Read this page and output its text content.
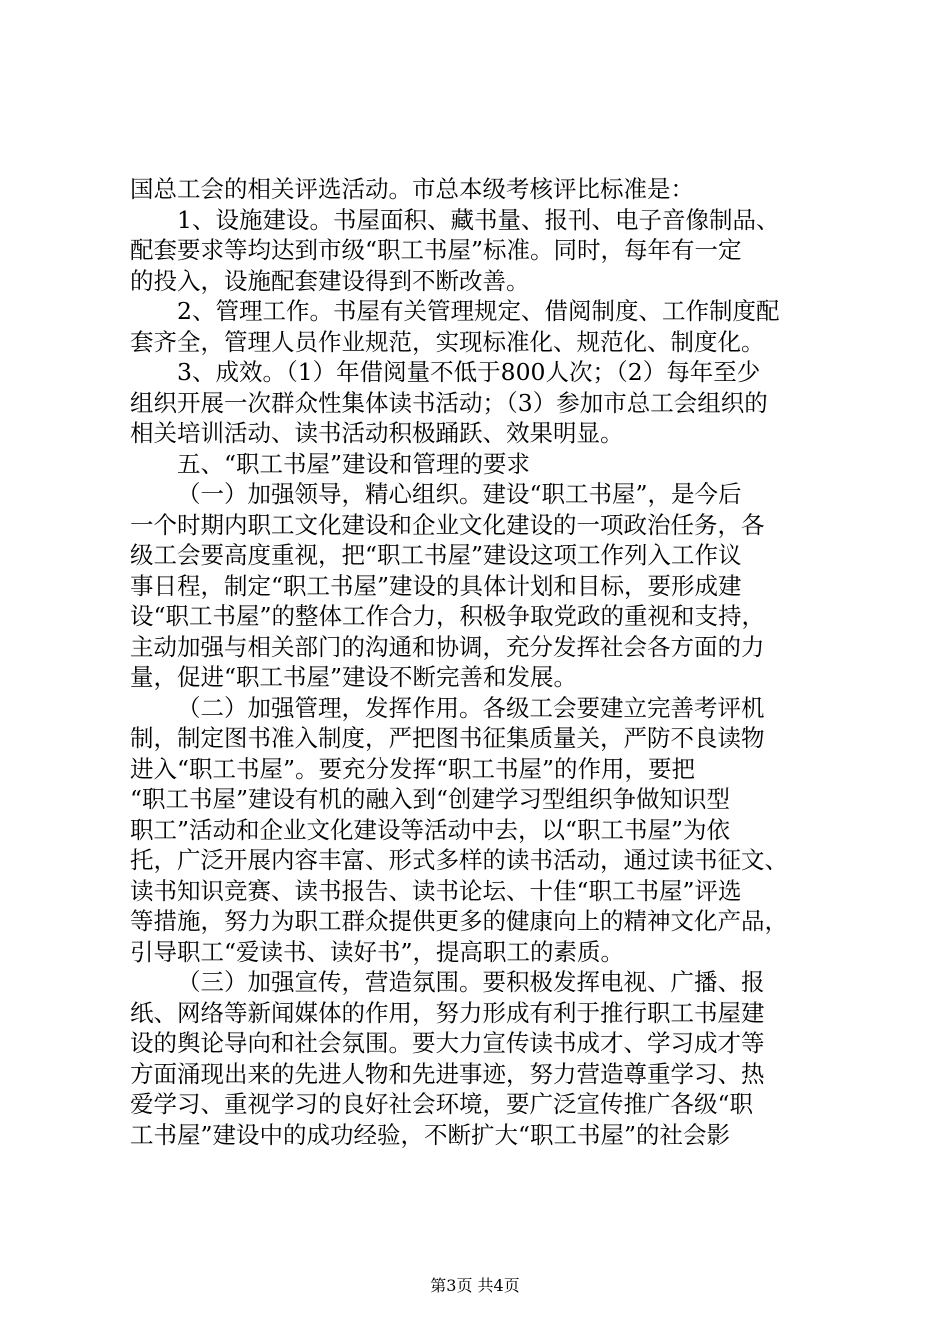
国总工会的相关评选活动。市总本级考核评比标准是：
1、设施建设。书屋面积、藏书量、报刊、电子音像制品、
配套要求等均达到市级“职工书屋”标准。同时，每年有一定
的投入，设施配套建设得到不断改善。
2、管理工作。书屋有关管理规定、借阅制度、工作制度配
套齐全，管理人员作业规范，实现标准化、规范化、制度化。
3、成效。（1）年借阅量不低于800人次；（2）每年至少
组织开展一次群众性集体读书活动；（3）参加市总工会组织的
相关培训活动、读书活动积极踊跃、效果明显。
五、“职工书屋”建设和管理的要求
（一）加强领导，精心组织。建设“职工书屋”，是今后
一个时期内职工文化建设和企业文化建设的一项政治任务，各
级工会要高度重视，把“职工书屋”建设这项工作列入工作议
事日程，制定“职工书屋”建设的具体计划和目标，要形成建
设“职工书屋”的整体工作合力，积极争取党政的重视和支持，
主动加强与相关部门的沟通和协调，充分发挥社会各方面的力
量，促进“职工书屋”建设不断完善和发展。
（二）加强管理，发挥作用。各级工会要建立完善考评机
制，制定图书准入制度，严把图书征集质量关，严防不良读物
进入“职工书屋”。要充分发挥“职工书屋”的作用，要把
“职工书屋”建设有机的融入到“创建学习型组织争做知识型
职工”活动和企业文化建设等活动中去，以“职工书屋”为依
托，广泛开展内容丰富、形式多样的读书活动，通过读书征文、
读书知识竞赛、读书报告、读书论坛、十佳“职工书屋”评选
等措施，努力为职工群众提供更多的健康向上的精神文化产品，
引导职工“爱读书、读好书”，提高职工的素质。
（三）加强宣传，营造氛围。要积极发挥电视、广播、报
纸、网络等新闻媒体的作用，努力形成有利于推行职工书屋建
设的舆论导向和社会氛围。要大力宣传读书成才、学习成才等
方面涌现出来的先进人物和先进事迹，努力营造尊重学习、热
爱学习、重视学习的良好社会环境，要广泛宣传推广各级“职
工书屋”建设中的成功经验，不断扩大“职工书屋”的社会影
第3页 共4页
